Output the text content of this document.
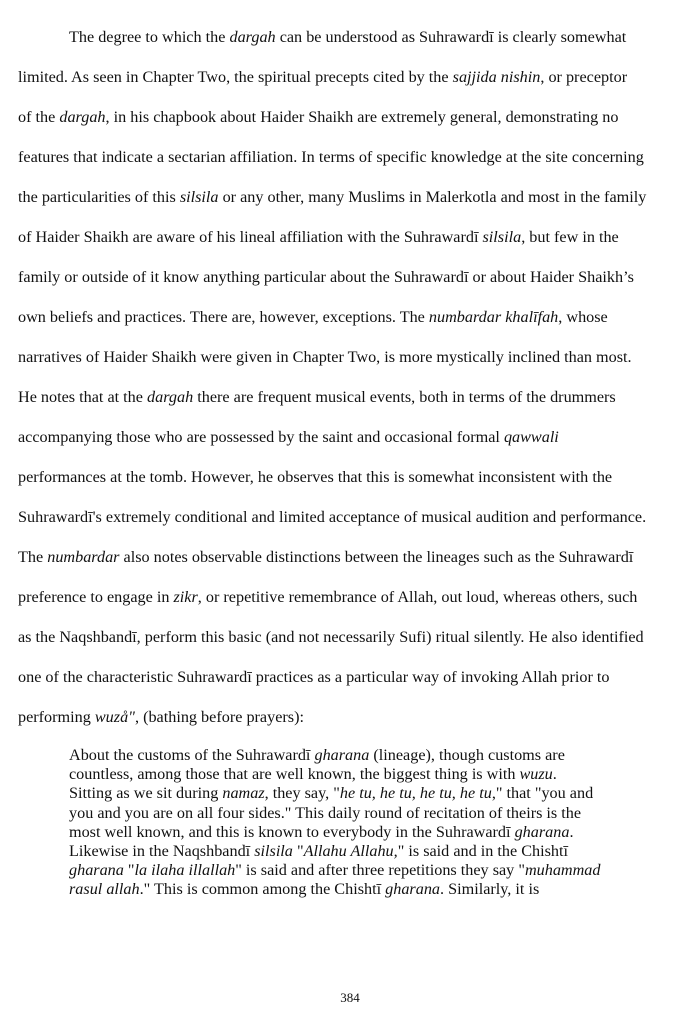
The degree to which the dargah can be understood as Suhrawardī is clearly somewhat
limited. As seen in Chapter Two, the spiritual precepts cited by the sajjida nishin, or preceptor
of the dargah, in his chapbook about Haider Shaikh are extremely general, demonstrating no
features that indicate a sectarian affiliation. In terms of specific knowledge at the site concerning
the particularities of this silsila or any other, many Muslims in Malerkotla and most in the family
of Haider Shaikh are aware of his lineal affiliation with the Suhrawardī silsila, but few in the
family or outside of it know anything particular about the Suhrawardī or about Haider Shaikh’s
own beliefs and practices. There are, however, exceptions. The numbardar khalīfah, whose
narratives of Haider Shaikh were given in Chapter Two, is more mystically inclined than most.
He notes that at the dargah there are frequent musical events, both in terms of the drummers
accompanying those who are possessed by the saint and occasional formal qawwali
performances at the tomb. However, he observes that this is somewhat inconsistent with the
Suhrawardī's extremely conditional and limited acceptance of musical audition and performance.
The numbardar also notes observable distinctions between the lineages such as the Suhrawardī
preference to engage in zikr, or repetitive remembrance of Allah, out loud, whereas others, such
as the Naqshbandī, perform this basic (and not necessarily Sufi) ritual silently. He also identified
one of the characteristic Suhrawardī practices as a particular way of invoking Allah prior to
performing wuzå", (bathing before prayers):
About the customs of the Suhrawardī gharana (lineage), though customs are
countless, among those that are well known, the biggest thing is with wuzu.
Sitting as we sit during namaz, they say, "he tu, he tu, he tu, he tu," that "you and
you and you are on all four sides." This daily round of recitation of theirs is the
most well known, and this is known to everybody in the Suhrawardī gharana.
Likewise in the Naqshbandī silsila "Allahu Allahu," is said and in the Chishtī
gharana "la ilaha illallah" is said and after three repetitions they say "muhammad
rasul allah." This is common among the Chishtī gharana. Similarly, it is
384
